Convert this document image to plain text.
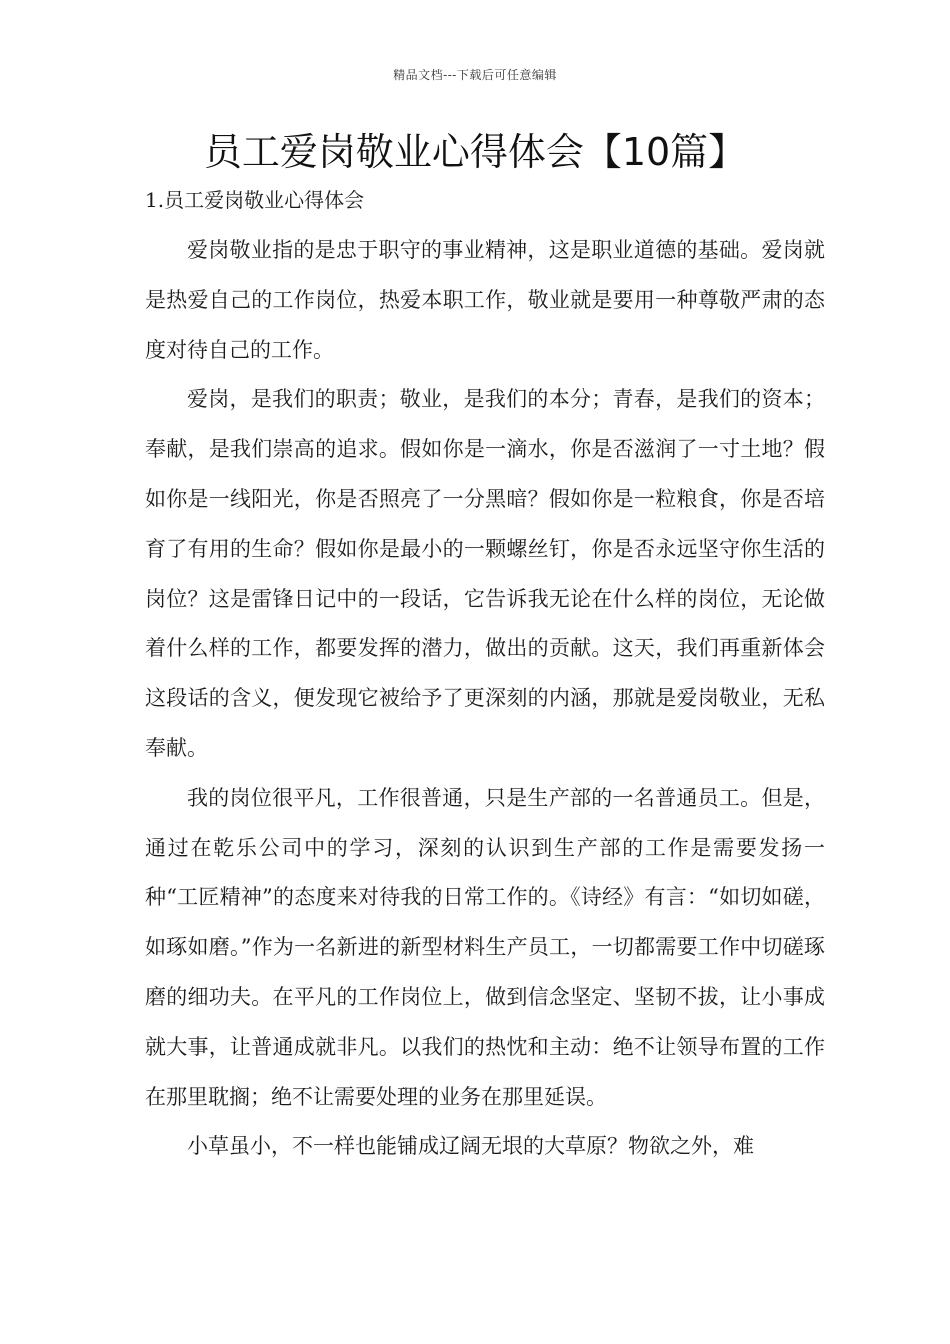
精品文档---下载后可任意编辑
员工爱岗敬业心得体会【10篇】
1.员工爱岗敬业心得体会

爱岗敬业指的是忠于职守的事业精神，这是职业道德的基础。爱岗就是热爱自己的工作岗位，热爱本职工作，敬业就是要用一种尊敬严肃的态度对待自己的工作。

爱岗，是我们的职责；敬业，是我们的本分；青春，是我们的资本；奉献，是我们崇高的追求。假如你是一滴水，你是否滋润了一寸土地？假如你是一线阳光，你是否照亮了一分黑暗？假如你是一粒粮食，你是否培育了有用的生命？假如你是最小的一颗螺丝钉，你是否永远坚守你生活的岗位？这是雷锋日记中的一段话，它告诉我无论在什么样的岗位，无论做着什么样的工作，都要发挥的潜力，做出的贡献。这天，我们再重新体会这段话的含义，便发现它被给予了更深刻的内涵，那就是爱岗敬业，无私奉献。

我的岗位很平凡，工作很普通，只是生产部的一名普通员工。但是，通过在乾乐公司中的学习，深刻的认识到生产部的工作是需要发扬一种“工匠精神”的态度来对待我的日常工作的。《诗经》有言：“如切如磋，如琢如磨。”作为一名新进的新型材料生产员工，一切都需要工作中切磋琢磨的细功夫。在平凡的工作岗位上，做到信念坚定、坚韧不拔，让小事成就大事，让普通成就非凡。以我们的热忱和主动：绝不让领导布置的工作在那里耽搁；绝不让需要处理的业务在那里延误。

小草虽小，不一样也能铺成辽阔无垠的大草原？物欲之外，难
